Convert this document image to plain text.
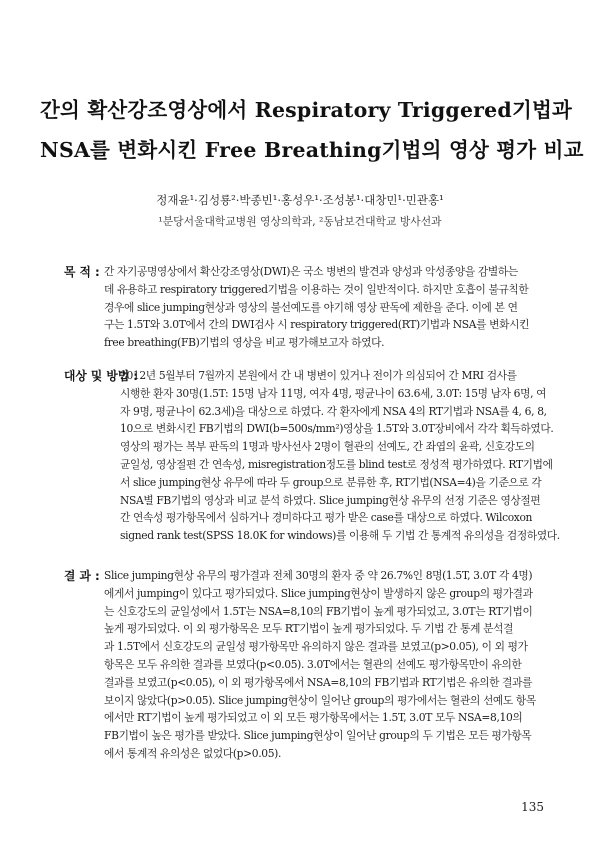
간의 확산강조영상에서 Respiratory Triggered기법과
NSA를 변화시킨 Free Breathing기법의 영상 평가 비교
정재윤¹·김성룡²·박종빈¹·홍성우¹·조성봉¹·대창민¹·민관홍¹
¹분당서울대학교병원 영상의학과, ²동남보건대학교 방사선과
목 적 : 간 자기공명영상에서 확산강조영상(DWI)은 국소 병변의 발견과 양성과 악성종양을 감별하는
데 유용하고 respiratory triggered기법을 이용하는 것이 일반적이다. 하지만 호흡이 불규칙한
경우에 slice jumping현상과 영상의 불선예도를 야기해 영상 판독에 제한을 준다. 이에 본 연
구는 1.5T와 3.0T에서 간의 DWI검사 시 respiratory triggered(RT)기법과 NSA를 변화시킨
free breathing(FB)기법의 영상을 비교 평가해보고자 하였다.
대상 및 방법 :
2012년 5월부터 7월까지 본원에서 간 내 병변이 있거나 전이가 의심되어 간 MRI 검사를
시행한 환자 30명(1.5T: 15명 남자 11명, 여자 4명, 평균나이 63.6세, 3.0T: 15명 남자 6명, 여
자 9명, 평균나이 62.3세)을 대상으로 하였다. 각 환자에게 NSA 4의 RT기법과 NSA를 4, 6, 8,
10으로 변화시킨 FB기법의 DWI(b=500s/mm²)영상을 1.5T와 3.0T장비에서 각각 획득하였다.
영상의 평가는 복부 판독의 1명과 방사선사 2명이 혈관의 선예도, 간 좌엽의 윤곽, 신호강도의
균일성, 영상절편 간 연속성, misregistration정도를 blind test로 정성적 평가하였다. RT기법에
서 slice jumping현상 유무에 따라 두 group으로 분류한 후, RT기법(NSA=4)을 기준으로 각
NSA별 FB기법의 영상과 비교 분석 하였다. Slice jumping현상 유무의 선정 기준은 영상절편
간 연속성 평가항목에서 심하거나 경미하다고 평가 받은 case를 대상으로 하였다. Wilcoxon
signed rank test(SPSS 18.0K for windows)를 이용해 두 기법 간 통계적 유의성을 검정하였다.
결 과 : Slice jumping현상 유무의 평가결과 전체 30명의 환자 중 약 26.7%인 8명(1.5T, 3.0T 각 4명)
에게서 jumping이 있다고 평가되었다. Slice jumping현상이 발생하지 않은 group의 평가결과
는 신호강도의 균일성에서 1.5T는 NSA=8,10의 FB기법이 높게 평가되었고, 3.0T는 RT기법이
높게 평가되었다. 이 외 평가항목은 모두 RT기법이 높게 평가되었다. 두 기법 간 통계 분석결
과 1.5T에서 신호강도의 균일성 평가항목만 유의하지 않은 결과를 보였고(p>0.05), 이 외 평가
항목은 모두 유의한 결과를 보였다(p<0.05). 3.0T에서는 혈관의 선예도 평가항목만이 유의한
결과를 보였고(p<0.05), 이 외 평가항목에서 NSA=8,10의 FB기법과 RT기법은 유의한 결과를
보이지 않았다(p>0.05). Slice jumping현상이 일어난 group의 평가에서는 혈관의 선예도 항목
에서만 RT기법이 높게 평가되었고 이 외 모든 평가항목에서는 1.5T, 3.0T 모두 NSA=8,10의
FB기법이 높은 평가를 받았다. Slice jumping현상이 일어난 group의 두 기법은 모든 평가항목
에서 통계적 유의성은 없었다(p>0.05).
135
